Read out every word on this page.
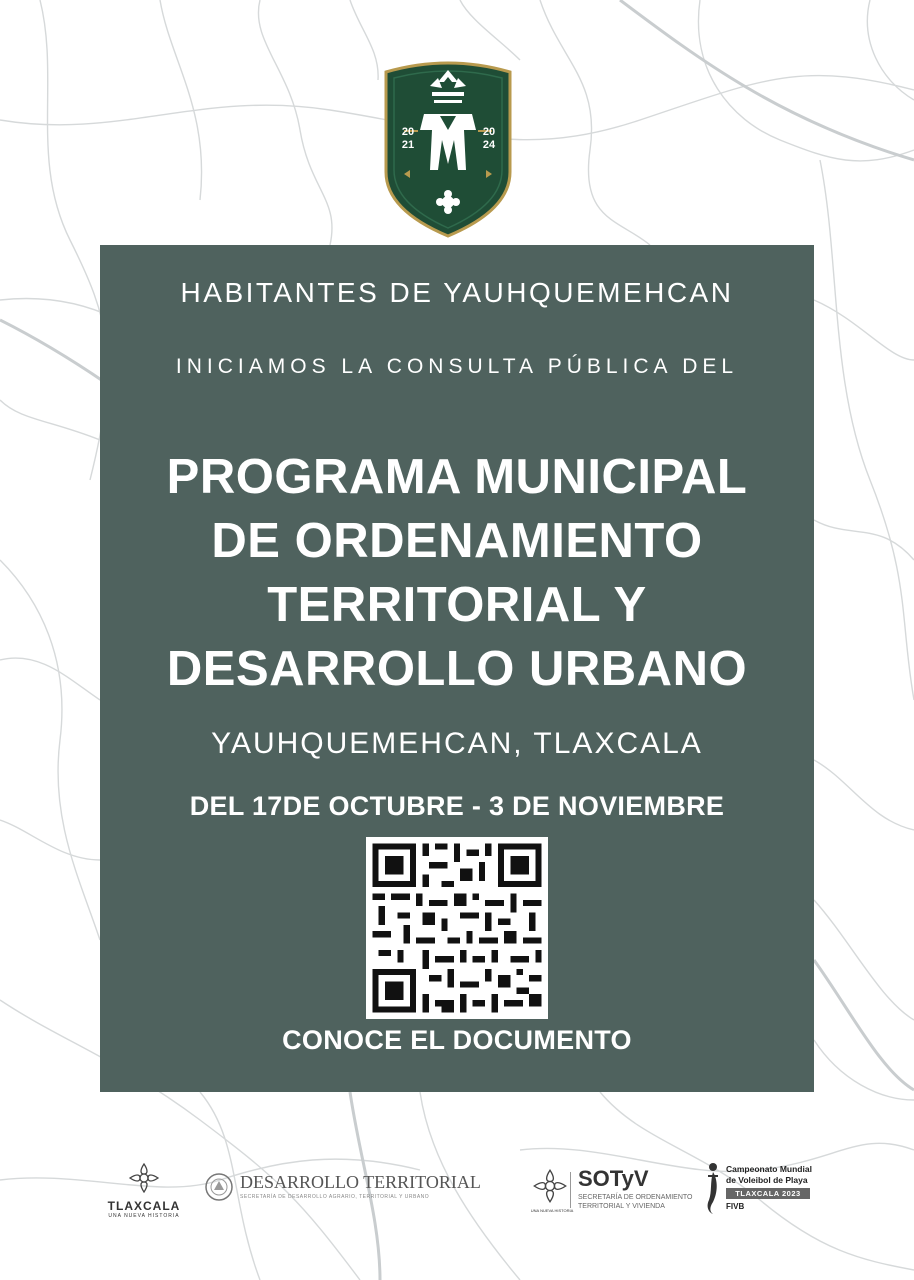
20
21
20
24
HABITANTES DE YAUHQUEMEHCAN
INICIAMOS LA CONSULTA PÚBLICA DEL
PROGRAMA MUNICIPAL
DE ORDENAMIENTO
TERRITORIAL Y
DESARROLLO URBANO
YAUHQUEMEHCAN, TLAXCALA
DEL 17DE OCTUBRE - 3 DE NOVIEMBRE
CONOCE EL DOCUMENTO
TLAXCALA
UNA NUEVA HISTORIA
DESARROLLO TERRITORIAL
SECRETARÍA DE DESARROLLO AGRARIO, TERRITORIAL Y URBANO
UNA NUEVA HISTORIA
SOTyV
SECRETARÍA DE ORDENAMIENTO
TERRITORIAL Y VIVIENDA
Campeonato Mundial
de Voleibol de Playa
TLAXCALA 2023
FIVB
